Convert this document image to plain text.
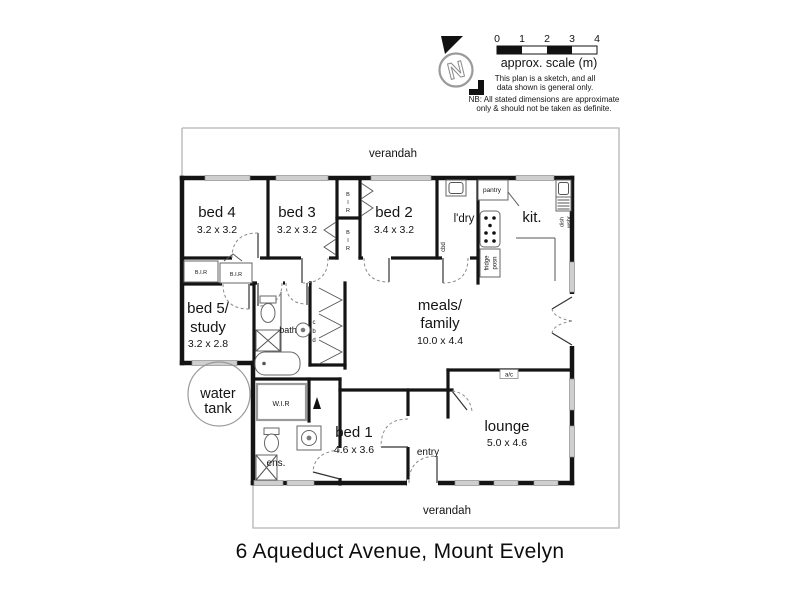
N
0 1 2 3 4
approx. scale (m)
This plan is a sketch, and all
data shown is general only.
NB: All stated dimensions are approximate
only & should not be taken as definite.
B.I.R	B.I.R
B
I
R
B
I
R
c
b
d
cbd
pantry
fridge posn
dish wshr
a/c
water
tank
verandah
verandah
bed 4
3.2 x 3.2
bed 3
3.2 x 3.2
bed 2
3.4 x 3.2
l'dry	kit.
bed 5/
study
3.2 x 2.8
meals/
family
10.0 x 4.4
bath
W.I.R
ens.
bed 1
4.6 x 3.6	entry
lounge
5.0 x 4.6
6 Aqueduct Avenue, Mount Evelyn
